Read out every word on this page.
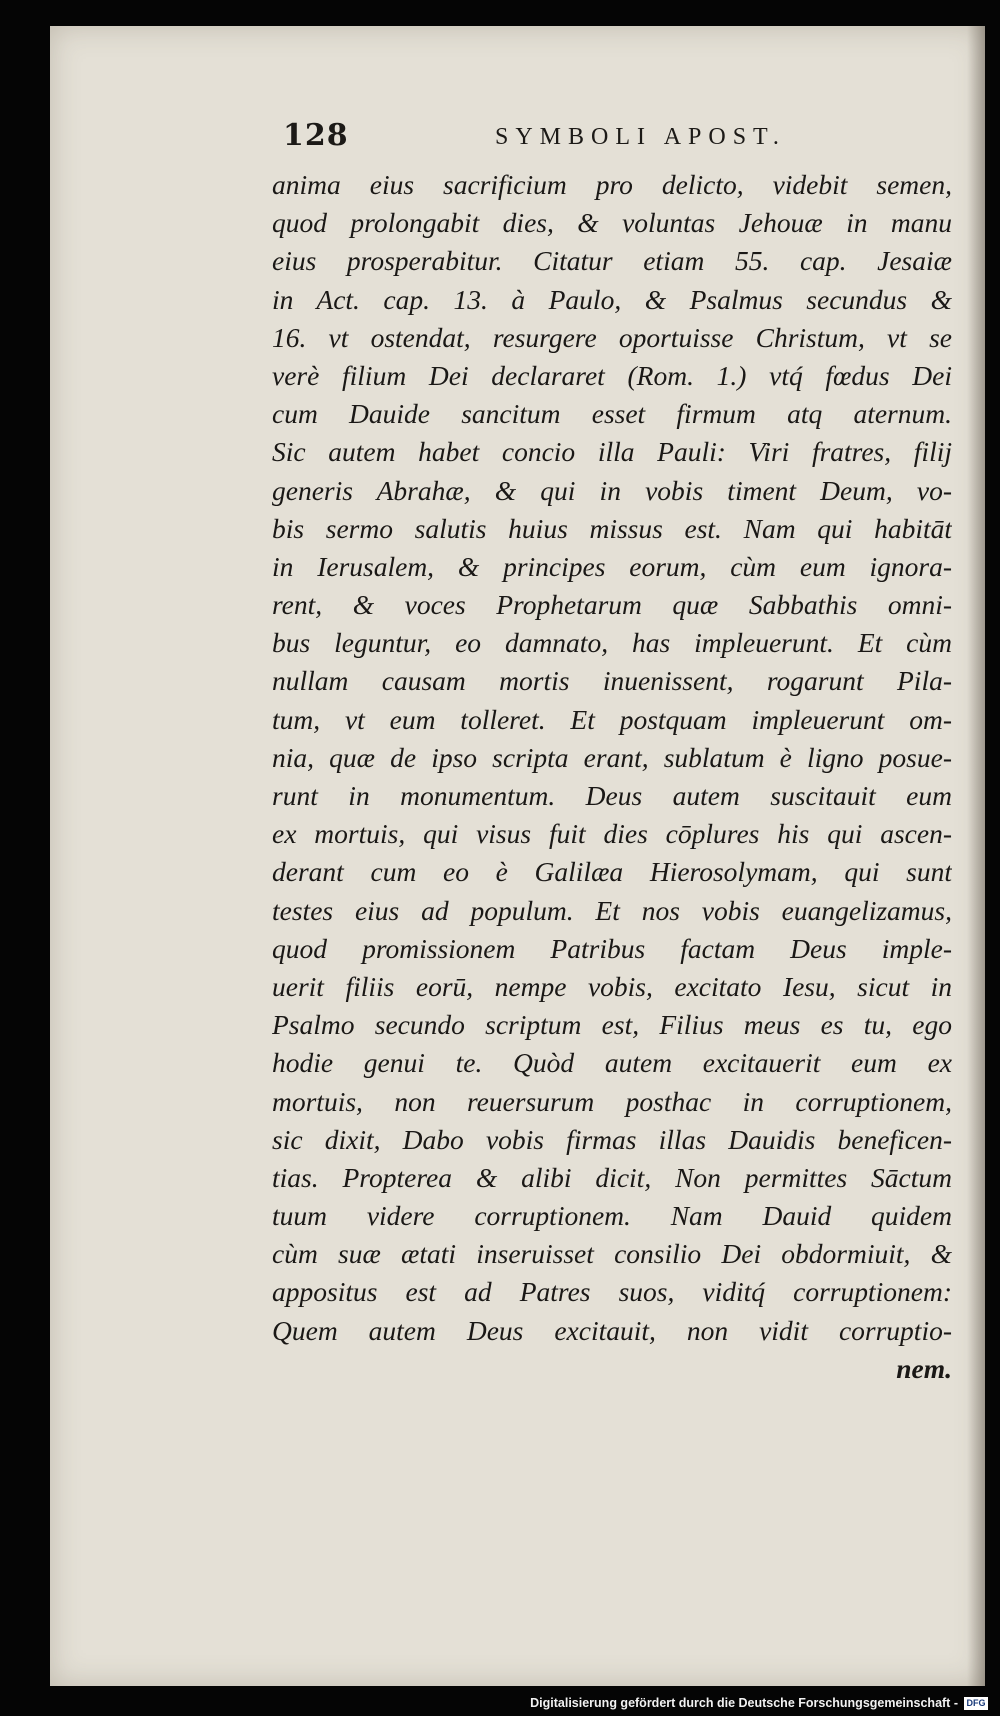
128	SYMBOLI APOST.
anima eius sacrificium pro delicto, videbit semen,
quod prolongabit dies, & voluntas Jehouæ in manu
eius prosperabitur. Citatur etiam 55. cap. Jesaiæ
in Act. cap. 13. à Paulo, & Psalmus secundus &
16. vt ostendat, resurgere oportuisse Christum, vt se
verè filium Dei declararet (Rom. 1.) vtq́ fœdus Dei
cum Dauide sancitum esset firmum atq aternum.
Sic autem habet concio illa Pauli: Viri fratres, filij
generis Abrahæ, & qui in vobis timent Deum, vo-
bis sermo salutis huius missus est. Nam qui habitāt
in Ierusalem, & principes eorum, cùm eum ignora-
rent, & voces Prophetarum quæ Sabbathis omni-
bus leguntur, eo damnato, has impleuerunt. Et cùm
nullam causam mortis inuenissent, rogarunt Pila-
tum, vt eum tolleret. Et postquam impleuerunt om-
nia, quæ de ipso scripta erant, sublatum è ligno posue-
runt in monumentum. Deus autem suscitauit eum
ex mortuis, qui visus fuit dies cōplures his qui ascen-
derant cum eo è Galilæa Hierosolymam, qui sunt
testes eius ad populum. Et nos vobis euangelizamus,
quod promissionem Patribus factam Deus imple-
uerit filiis eorū, nempe vobis, excitato Iesu, sicut in
Psalmo secundo scriptum est, Filius meus es tu, ego
hodie genui te. Quòd autem excitauerit eum ex
mortuis, non reuersurum posthac in corruptionem,
sic dixit, Dabo vobis firmas illas Dauidis beneficen-
tias. Propterea & alibi dicit, Non permittes Sāctum
tuum videre corruptionem. Nam Dauid quidem
cùm suæ ætati inseruisset consilio Dei obdormiuit, &
appositus est ad Patres suos, viditq́ corruptionem:
Quem autem Deus excitauit, non vidit corruptio-
nem.
Digitalisierung gefördert durch die Deutsche Forschungsgemeinschaft - DFG
